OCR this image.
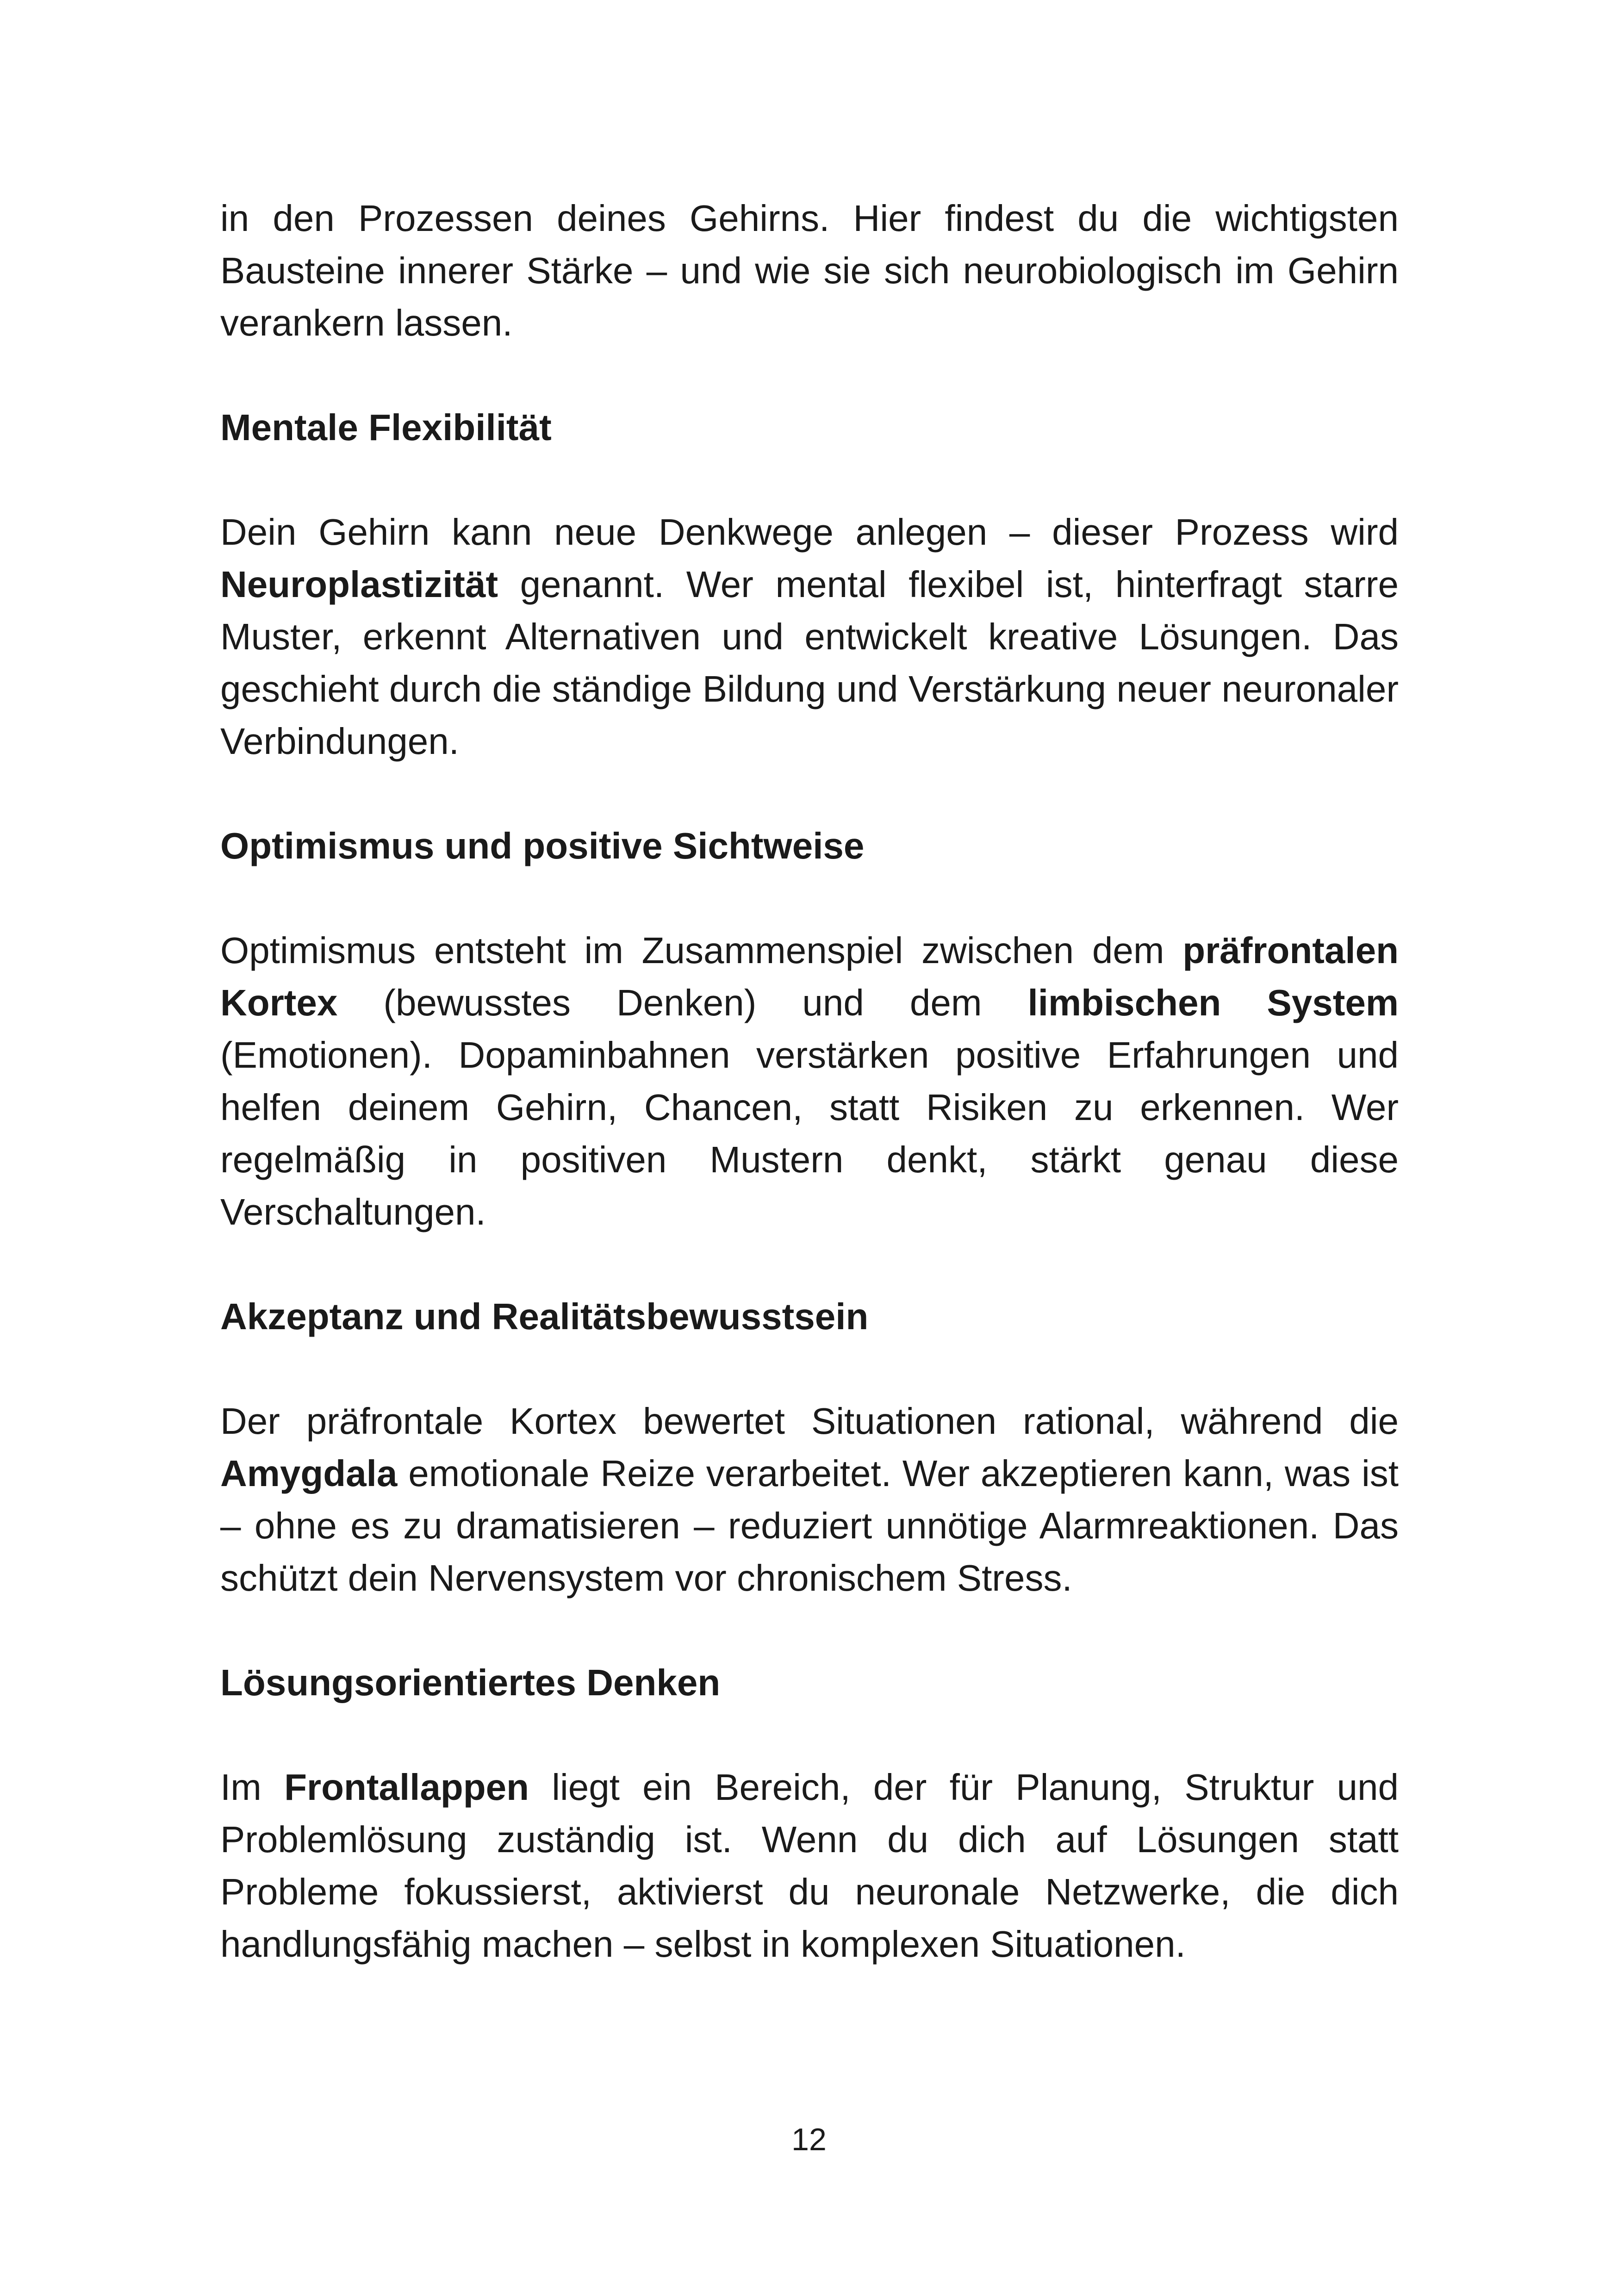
in den Prozessen deines Gehirns. Hier findest du die wichtigsten Bausteine innerer Stärke – und wie sie sich neurobiologisch im Gehirn verankern lassen.

Mentale Flexibilität

Dein Gehirn kann neue Denkwege anlegen – dieser Prozess wird Neuroplastizität genannt. Wer mental flexibel ist, hinterfragt starre Muster, erkennt Alternativen und entwickelt kreative Lösungen. Das geschieht durch die ständige Bildung und Verstärkung neuer neuronaler Verbindungen.

Optimismus und positive Sichtweise

Optimismus entsteht im Zusammenspiel zwischen dem präfrontalen Kortex (bewusstes Denken) und dem limbischen System (Emotionen). Dopaminbahnen verstärken positive Erfahrungen und helfen deinem Gehirn, Chancen, statt Risiken zu erkennen. Wer regelmäßig in positiven Mustern denkt, stärkt genau diese Verschaltungen.

Akzeptanz und Realitätsbewusstsein

Der präfrontale Kortex bewertet Situationen rational, während die Amygdala emotionale Reize verarbeitet. Wer akzeptieren kann, was ist – ohne es zu dramatisieren – reduziert unnötige Alarmreaktionen. Das schützt dein Nervensystem vor chronischem Stress.

Lösungsorientiertes Denken

Im Frontallappen liegt ein Bereich, der für Planung, Struktur und Problemlösung zuständig ist. Wenn du dich auf Lösungen statt Probleme fokussierst, aktivierst du neuronale Netzwerke, die dich handlungsfähig machen – selbst in komplexen Situationen.

12
